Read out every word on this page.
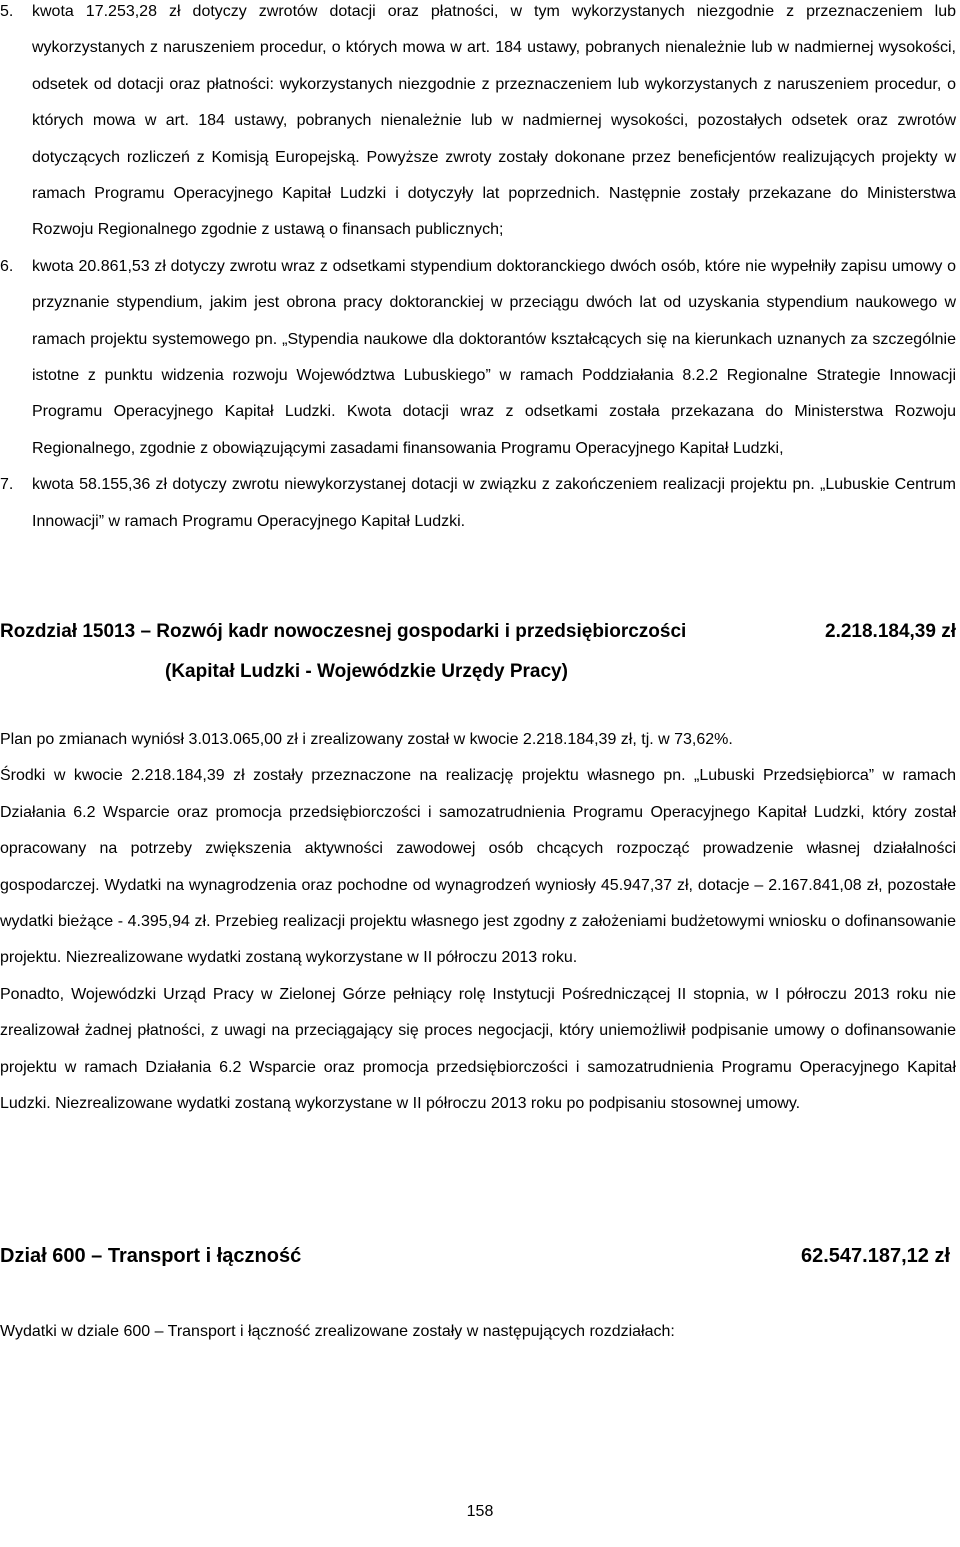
5. kwota 17.253,28 zł dotyczy zwrotów dotacji oraz płatności, w tym wykorzystanych niezgodnie z przeznaczeniem lub wykorzystanych z naruszeniem procedur, o których mowa w art. 184 ustawy, pobranych nienależnie lub w nadmiernej wysokości, odsetek od dotacji oraz płatności: wykorzystanych niezgodnie z przeznaczeniem lub wykorzystanych z naruszeniem procedur, o których mowa w art. 184 ustawy, pobranych nienależnie lub w nadmiernej wysokości, pozostałych odsetek oraz zwrotów dotyczących rozliczeń z Komisją Europejską. Powyższe zwroty zostały dokonane przez beneficjentów realizujących projekty w ramach Programu Operacyjnego Kapitał Ludzki i dotyczyły lat poprzednich. Następnie zostały przekazane do Ministerstwa Rozwoju Regionalnego zgodnie z ustawą o finansach publicznych;

6. kwota 20.861,53 zł dotyczy zwrotu wraz z odsetkami stypendium doktoranckiego dwóch osób, które nie wypełniły zapisu umowy o przyznanie stypendium, jakim jest obrona pracy doktoranckiej w przeciągu dwóch lat od uzyskania stypendium naukowego w ramach projektu systemowego pn. „Stypendia naukowe dla doktorantów kształcących się na kierunkach uznanych za szczególnie istotne z punktu widzenia rozwoju Województwa Lubuskiego” w ramach Poddziałania 8.2.2 Regionalne Strategie Innowacji Programu Operacyjnego Kapitał Ludzki. Kwota dotacji wraz z odsetkami została przekazana do Ministerstwa Rozwoju Regionalnego, zgodnie z obowiązującymi zasadami finansowania Programu Operacyjnego Kapitał Ludzki,

7. kwota 58.155,36 zł dotyczy zwrotu niewykorzystanej dotacji w związku z zakończeniem realizacji projektu pn. „Lubuskie Centrum Innowacji” w ramach Programu Operacyjnego Kapitał Ludzki.

Rozdział 15013 – Rozwój kadr nowoczesnej gospodarki i przedsiębiorczości
(Kapitał Ludzki - Wojewódzkie Urzędy Pracy)
2.218.184,39 zł

Plan po zmianach wyniósł 3.013.065,00 zł i zrealizowany został w kwocie 2.218.184,39 zł, tj. w 73,62%.

Środki w kwocie 2.218.184,39 zł zostały przeznaczone na realizację projektu własnego pn. „Lubuski Przedsiębiorca” w ramach Działania 6.2 Wsparcie oraz promocja przedsiębiorczości i samozatrudnienia Programu Operacyjnego Kapitał Ludzki, który został opracowany na potrzeby zwiększenia aktywności zawodowej osób chcących rozpocząć prowadzenie własnej działalności gospodarczej. Wydatki na wynagrodzenia oraz pochodne od wynagrodzeń wyniosły 45.947,37 zł, dotacje – 2.167.841,08 zł, pozostałe wydatki bieżące - 4.395,94 zł. Przebieg realizacji projektu własnego jest zgodny z założeniami budżetowymi wniosku o dofinansowanie projektu. Niezrealizowane wydatki zostaną wykorzystane w II półroczu 2013 roku.

Ponadto, Wojewódzki Urząd Pracy w Zielonej Górze pełniący rolę Instytucji Pośredniczącej II stopnia, w I półroczu 2013 roku nie zrealizował żadnej płatności, z uwagi na przeciągający się proces negocjacji, który uniemożliwił podpisanie umowy o dofinansowanie projektu w ramach Działania 6.2 Wsparcie oraz promocja przedsiębiorczości i samozatrudnienia Programu Operacyjnego Kapitał Ludzki. Niezrealizowane wydatki zostaną wykorzystane w II półroczu 2013 roku po podpisaniu stosownej umowy.

Dział 600 – Transport i łączność	62.547.187,12 zł

Wydatki w dziale 600 – Transport i łączność zrealizowane zostały w następujących rozdziałach:

158
